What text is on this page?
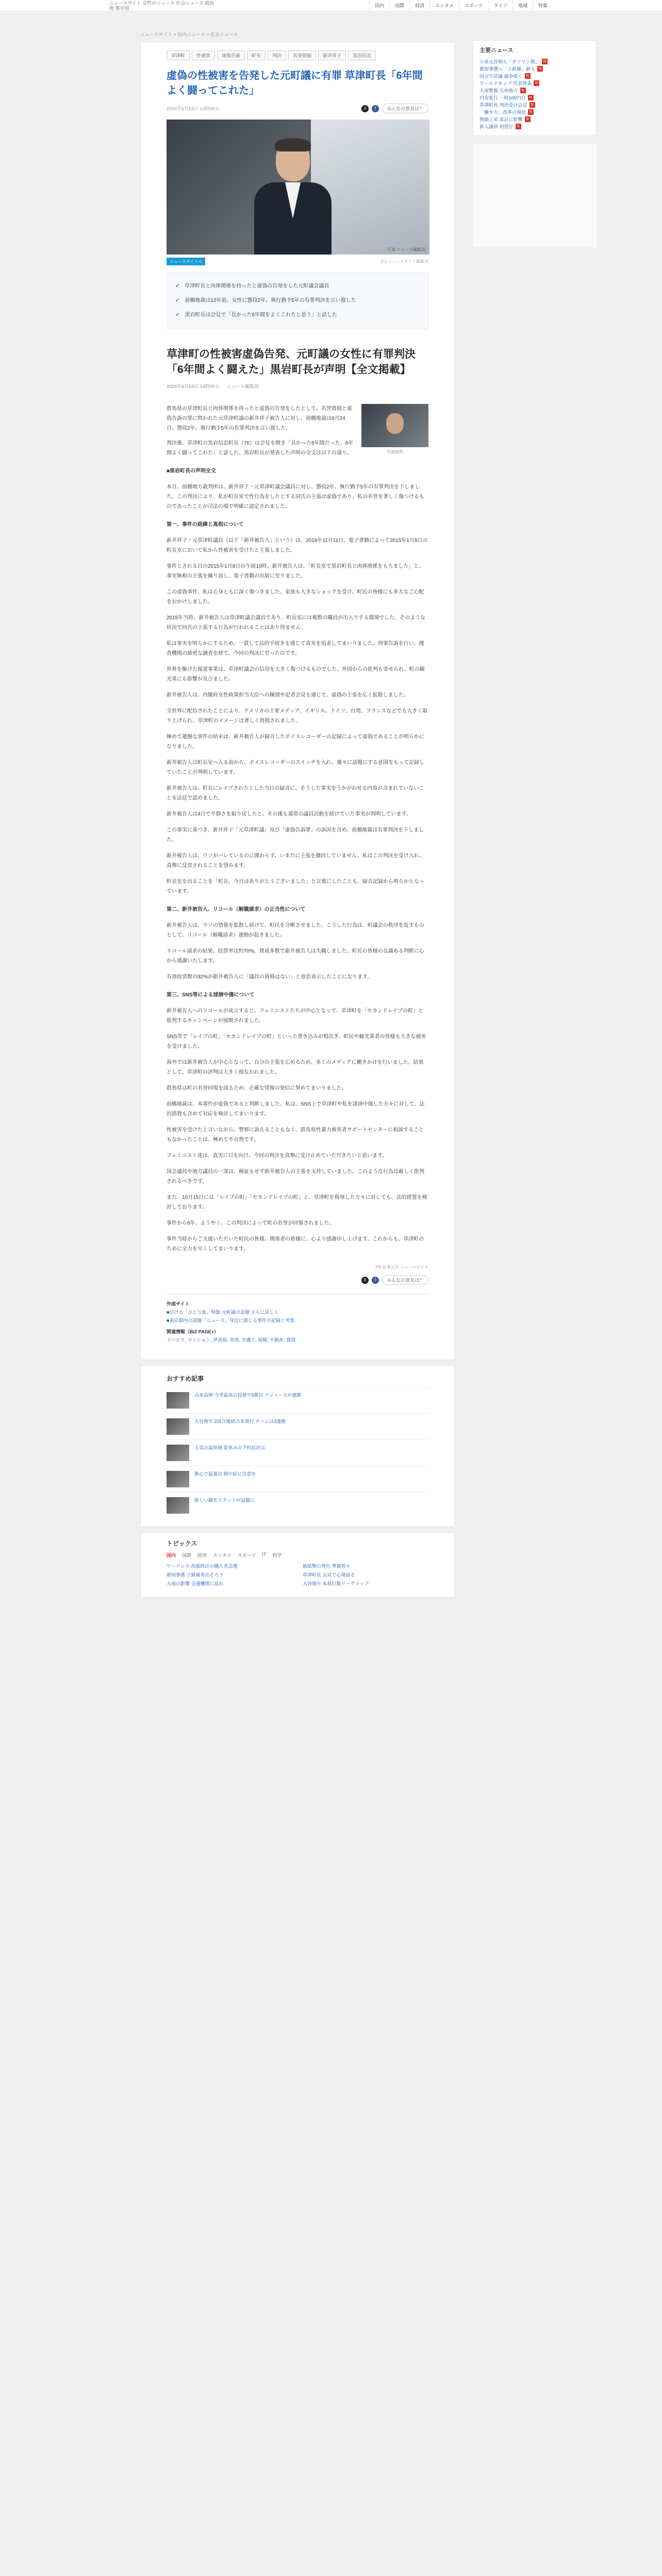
ニュースサイト 女性のニュース 社会ニュース 政治 他 都市別	国内	国際	経済	エンタメ	スポーツ	ライフ	地域	特集
ニュースサイト > 国内ニュース > 社会ニュース
草津町	性被害	虚偽告訴	町長	判決	名誉毀損	新井祥子	黒岩信忠
虚偽の性被害を告発した元町議に有罪 草津町長「6年間よく闘ってこれた」
2024年6月24日 14時00分	X	f	みんなの意見は？
写真 ニュース編集部
ニュースタイトル	(C) ニュースサイト編集部
✔ 草津町長と肉体関係を持ったと虚偽の告発をした元町議会議員
✔ 前橋地裁は12年前、女性に懲役2年、執行猶予5年の有罪判決を言い渡した
✔ 黒岩町長は会見で「長かった6年間をよくこれたと思う」と話した
草津町の性被害虚偽告発、元町議の女性に有罪判決　「6年間よく闘えた」黒岩町長が声明【全文掲載】
2024年6月24日 14時00分 ニュース編集部

群馬県の草津町長と肉体関係を持ったと虚偽の告発をしたとして、名誉毀損と虚偽告訴の罪に問われた元草津町議の新井祥子被告人に対し、前橋地裁は6月24日、懲役2年、執行猶予5年の有罪判決を言い渡した。

判決後、草津町の黒岩信忠町長（76）は会見を開き「長かった6年間だった。6年間よく闘ってこれた」と話した。黒岩町長が発表した声明の全文は以下の通り。	写真提供
■黒岩町長の声明全文

本日、前橋地方裁判所は、新井祥子・元草津町議会議員に対し、懲役2年、執行猶予5年の有罪判決を下しました。この判決により、私が町長室で性行為をしたとする同氏の主張は虚偽であり、私の名誉を著しく傷つけるものであったことが司法の場で明確に認定されました。

第一、事件の経緯と真相について

新井祥子・元草津町議員（以下「新井被告人」という）は、2019年11月11日、電子書籍によって2015年1月8日の町長室において私から性被害を受けたと主張しました。

事件とされる日の2015年1月8日の午前10時、新井被告人は、「町長室で黒岩町長と肉体関係をもちました」と、事実無根の主張を繰り返し、電子書籍の出版に至りました。

この虚偽事件、私は心身ともに深く傷つきました。家族も大きなショックを受け、町民の皆様にも多大なご心配をおかけしました。

2015年当時、新井被告人は草津町議会議員であり、町長室には複数の職員が出入りする環境でした。そのような状況で同氏の主張する行為が行われることはあり得ません。

私は事実を明らかにするため、一貫して法的手続きを通じて真実を追求してまいりました。刑事告訴を行い、捜査機関の綿密な調査を経て、今回の判決に至ったのです。

世界を駆けた報道事業は、草津町議会の信用を大きく傷つけるものでした。外国からの批判も寄せられ、町の観光業にも影響が及びました。

新井被告人は、内閣府女性政策担当大臣への陳情や記者会見を通じて、虚偽の主張を広く拡散しました。

全世界に配信されたことにより、アメリカの主要メディア、イギリス、ドイツ、台湾、フランスなどでも大きく取り上げられ、草津町のイメージは著しく毀損されました。

極めて遺憾な事件の結末は、新井被告人が録音したボイスレコーダーの記録によって虚偽であることが明らかになりました。

新井被告人は町長室へ入る前から、ボイスレコーダーのスイッチを入れ、後々に話題にする意図をもって記録していたことが判明しています。

新井被告人は、町長にレイプされたとした当日の録音に、そうした事実をうかがわせる内容が含まれていないことを法廷で認めました。

新井被告人は4日で平静さを取り戻したと、その後も通常の議員活動を続けていた事実が判明しています。

この事実に基づき、新井祥子「元草津町議」及び「虚偽告訴罪」の訴因を含め、前橋地裁は有罪判決を下しました。

新井被告人は、ウソがバレているのに関わらず、いまだに主張を撤回していません。私はこの判決を受け入れ、真摯に反省されることを望みます。

町長室を出ることを「町長、今日はありがとうございました」と言葉にしたことも、録音記録から明らかとなっています。

第二、新井被告人、リコール（解職請求）の正当性について

新井被告人は、ウソの情報を拡散し続けて、町民を分断させました。こうした行為は、町議会の秩序を乱すものとして、リコール（解職請求）運動が起きました。

リコール請求の結果、投票率は約70%、賛成多数で新井被告人は失職しました。町民の皆様の良識ある判断に心から感謝いたします。

有効投票数の92%が新井被告人に「議員の資格はない」と意思表示したことになります。

第三、SNS等による誹謗中傷について

新井被告人へのリコールが成立すると、フェミニストたちが中心となって、草津町を「セカンドレイプの町」と批判するキャンペーンが展開されました。

SNS等で「レイプの町」「セカンドレイプの町」といった書き込みが相次ぎ、町民や観光業者の皆様も大きな被害を受けました。

海外では新井被告人が中心となって、自分の主張を広めるため、多くのメディアに働きかけを行いました。結果として、草津町の評判は大きく損なわれました。

群馬県は町の名誉回復を図るため、正確な情報の発信に努めてまいりました。

前橋地裁は、本事件が虚偽であると判断しました。私は、SNS上で草津町や私を誹謗中傷した方々に対して、法的措置も含めて対応を検討してまいります。

性被害を受けたと言いながら、警察に訴えることもなく、群馬県性暴力被害者サポートセンターに相談することもなかったことは、極めて不自然です。

フェミニスト達は、真実に目を向け、今回の判決を真摯に受け止めていただきたいと思います。

国会議員や地方議員の一部は、検証もせず新井被告人の主張を支持していました。このような行為は厳しく批判されるべきです。

また、10月15日には「レイプの町」「セカンドレイプの町」と、草津町を侮辱した方々に対しても、法的措置を検討しております。

事件から6年、ようやく、この判決によって町の名誉が回復されました。

事件当時からご支援いただいた町民の皆様、関係者の皆様に、心より感謝申し上げます。これからも、草津町のために全力を尽くしてまいります。

PR 記事広告 ニュースサイト
X	f	みんなの意見は？
外部サイト
■泣ける「ひとり旅」特集 元町議の話題 さらに詳しく
■東京都内の話題「ニュース」身近に感じる事件の記録と考察
関連情報（BIZ PAGE+）
リハビリ, マンション, 伊香保, 草津, 弁護士, 保険, 不動産, 賃貸
主要ニュース
小泉元首相ら「ガソリン税」	N
都知事選へ「立候補」新人	N
国会で討論 論争続く	N
ワールドカップ 代表発表	N
大雨警報 九州地方	N
円安進行 一時160円台	N
草津町長 判決受け会見	N
「働き方」改革の現状	N
物価上昇 家計に影響	N
新人議員 初登庁	N
おすすめ記事
山本由伸 今季最高の投球で5勝目 ドジャースが連勝
大谷翔平 2試合連続の本塁打 チームは3連勝
人気の温泉地 夏休みの予約状況は
都心で猛暑日 熱中症に注意を
新しい観光スポットが話題に
トピックス
国内 国際 経済 エンタメ スポーツ IT 科学
ワードレス 高級時計の購入者急増	新紙幣の発行 準備着々
都知事選 立候補者出そろう	草津町長 会見で心境語る
大雨の影響 交通機関に乱れ	大谷翔平 本塁打数リーグトップ
